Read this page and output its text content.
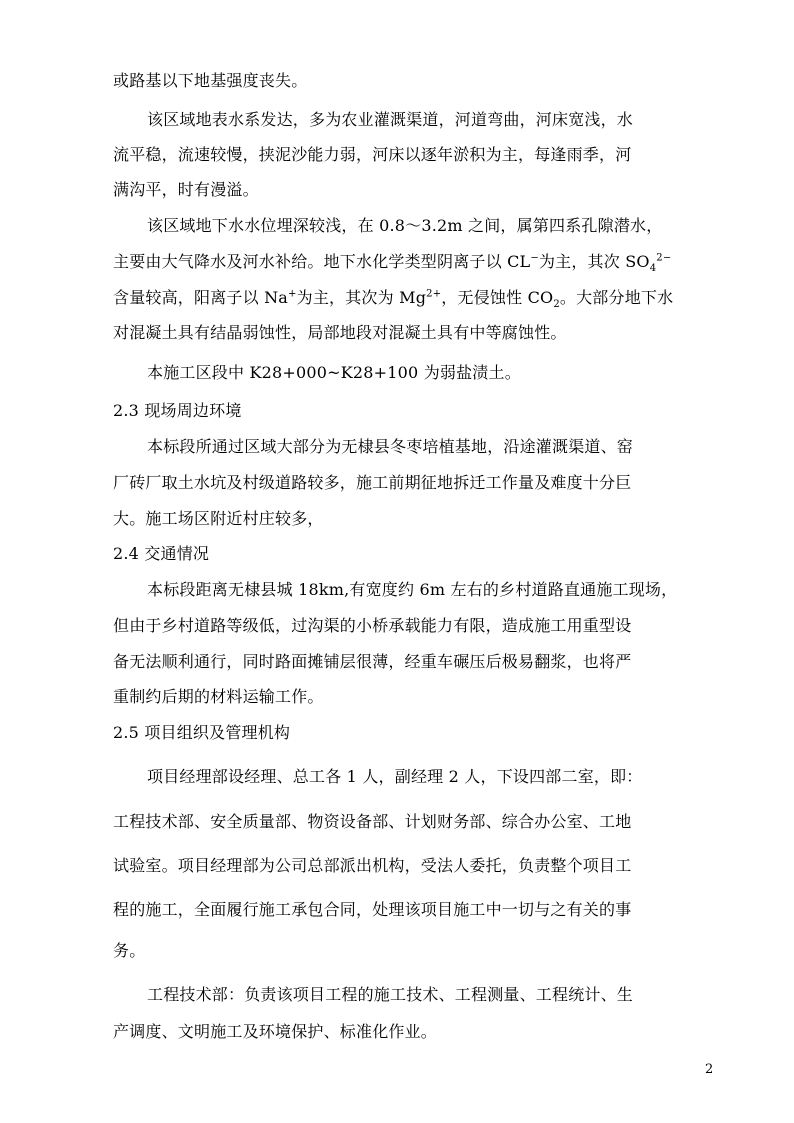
或路基以下地基强度丧失。
该区域地表水系发达，多为农业灌溉渠道，河道弯曲，河床宽浅，水
流平稳，流速较慢，挟泥沙能力弱，河床以逐年淤积为主，每逢雨季，河
满沟平，时有漫溢。
该区域地下水水位埋深较浅，在 0.8～3.2m 之间，属第四系孔隙潜水，
主要由大气降水及河水补给。地下水化学类型阴离子以 CL−为主，其次 $SO_4^{2-}$
含量较高，阳离子以 Na+为主，其次为 $Mg^{2+}$，无侵蚀性 $CO_2$。大部分地下水
对混凝土具有结晶弱蚀性，局部地段对混凝土具有中等腐蚀性。
本施工区段中 K28+000~K28+100 为弱盐渍土。
2.3 现场周边环境
本标段所通过区域大部分为无棣县冬枣培植基地，沿途灌溉渠道、窑
厂砖厂取土水坑及村级道路较多，施工前期征地拆迁工作量及难度十分巨
大。施工场区附近村庄较多，
2.4 交通情况
本标段距离无棣县城 18km,有宽度约 6m 左右的乡村道路直通施工现场，
但由于乡村道路等级低，过沟渠的小桥承载能力有限，造成施工用重型设
备无法顺利通行，同时路面摊铺层很薄，经重车碾压后极易翻浆，也将严
重制约后期的材料运输工作。
2.5 项目组织及管理机构
项目经理部设经理、总工各 1 人，副经理 2 人，下设四部二室，即：
工程技术部、安全质量部、物资设备部、计划财务部、综合办公室、工地
试验室。项目经理部为公司总部派出机构，受法人委托，负责整个项目工
程的施工，全面履行施工承包合同，处理该项目施工中一切与之有关的事
务。
工程技术部：负责该项目工程的施工技术、工程测量、工程统计、生
产调度、文明施工及环境保护、标准化作业。
2
